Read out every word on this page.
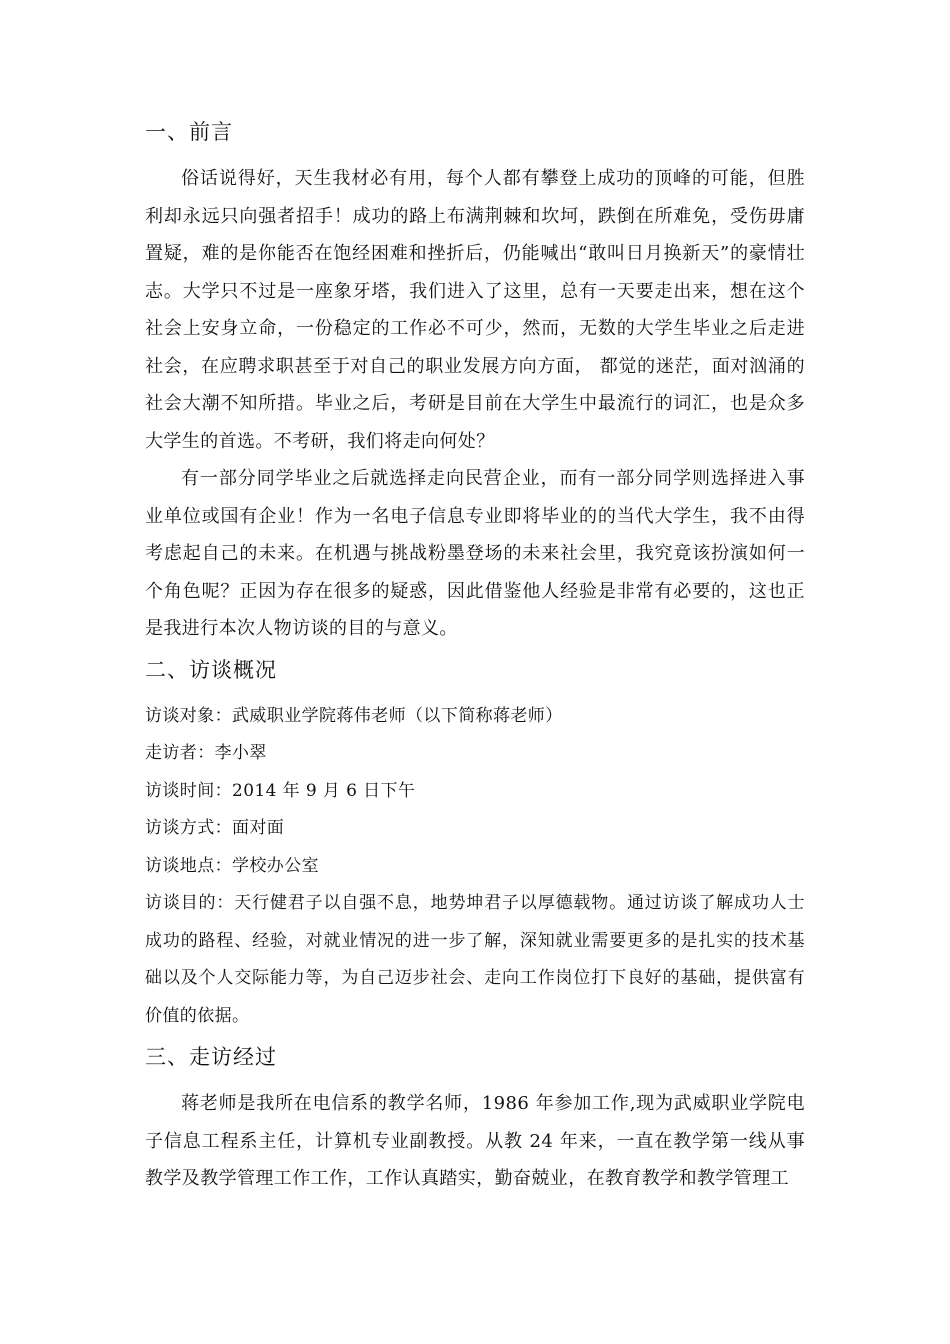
一、前言

俗话说得好，天生我材必有用，每个人都有攀登上成功的顶峰的可能，但胜利却永远只向强者招手！成功的路上布满荆棘和坎坷，跌倒在所难免，受伤毋庸置疑，难的是你能否在饱经困难和挫折后，仍能喊出“敢叫日月换新天”的豪情壮志。大学只不过是一座象牙塔，我们进入了这里，总有一天要走出来，想在这个社会上安身立命，一份稳定的工作必不可少，然而，无数的大学生毕业之后走进社会，在应聘求职甚至于对自己的职业发展方向方面， 都觉的迷茫，面对汹涌的社会大潮不知所措。毕业之后，考研是目前在大学生中最流行的词汇，也是众多大学生的首选。不考研，我们将走向何处？

有一部分同学毕业之后就选择走向民营企业，而有一部分同学则选择进入事业单位或国有企业！作为一名电子信息专业即将毕业的的当代大学生，我不由得考虑起自己的未来。在机遇与挑战粉墨登场的未来社会里，我究竟该扮演如何一个角色呢？正因为存在很多的疑惑，因此借鉴他人经验是非常有必要的，这也正是我进行本次人物访谈的目的与意义。

二、访谈概况

访谈对象：武威职业学院蒋伟老师（以下简称蒋老师）

走访者：李小翠

访谈时间：2014 年 9 月 6 日下午

访谈方式：面对面

访谈地点：学校办公室

访谈目的：天行健君子以自强不息，地势坤君子以厚德载物。通过访谈了解成功人士成功的路程、经验，对就业情况的进一步了解，深知就业需要更多的是扎实的技术基础以及个人交际能力等，为自己迈步社会、走向工作岗位打下良好的基础，提供富有价值的依据。

三、走访经过

蒋老师是我所在电信系的教学名师，1986 年参加工作,现为武威职业学院电子信息工程系主任，计算机专业副教授。从教 24 年来，一直在教学第一线从事教学及教学管理工作工作，工作认真踏实，勤奋兢业，在教育教学和教学管理工
